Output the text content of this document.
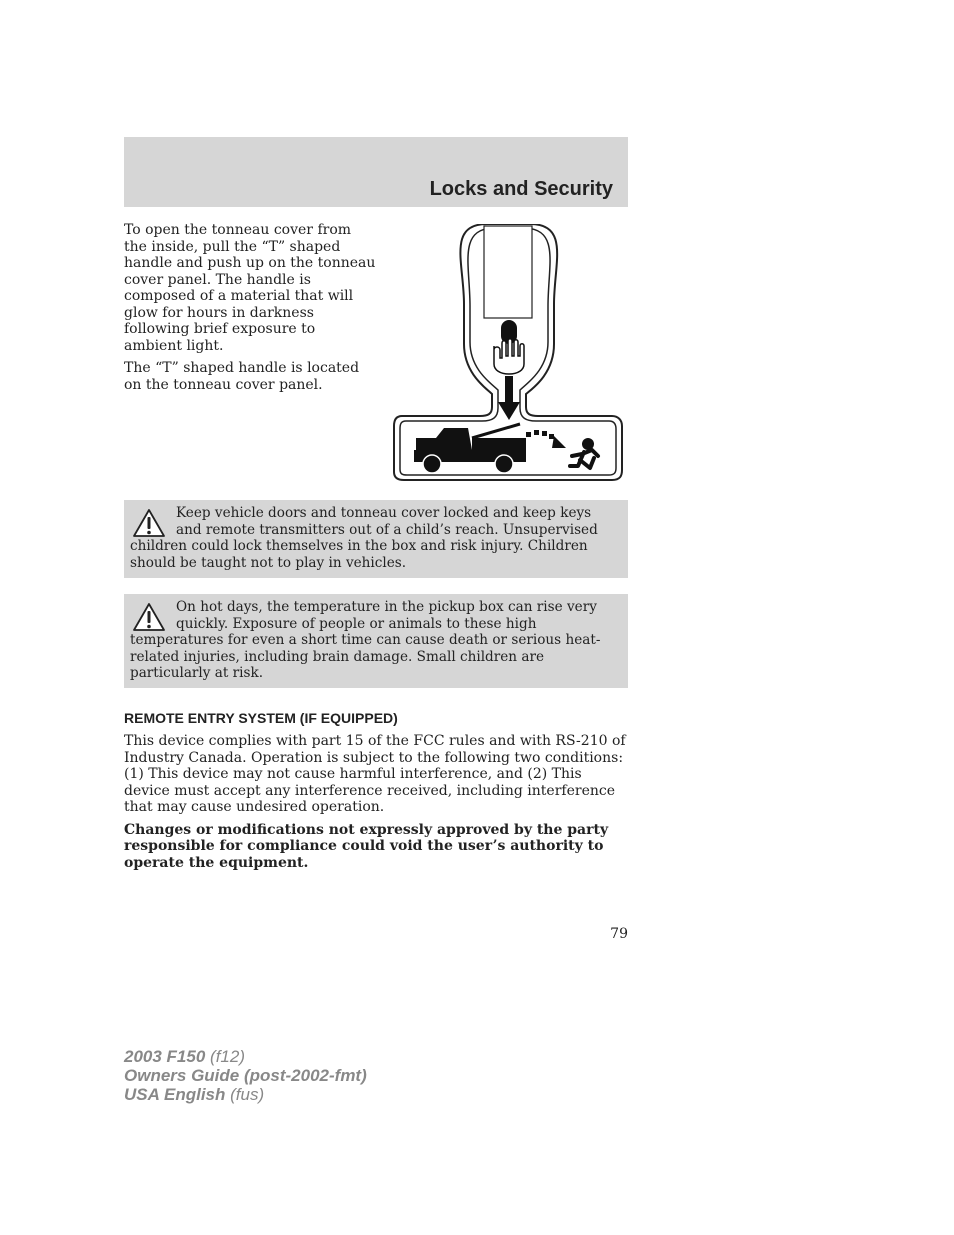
Locks and Security

To open the tonneau cover from the inside, pull the “T” shaped handle and push up on the tonneau cover panel. The handle is composed of a material that will glow for hours in darkness following brief exposure to ambient light.

The “T” shaped handle is located on the tonneau cover panel.

Keep vehicle doors and tonneau cover locked and keep keys and remote transmitters out of a child’s reach. Unsupervised children could lock themselves in the box and risk injury. Children should be taught not to play in vehicles.

On hot days, the temperature in the pickup box can rise very quickly. Exposure of people or animals to these high temperatures for even a short time can cause death or serious heat-related injuries, including brain damage. Small children are particularly at risk.

REMOTE ENTRY SYSTEM (IF EQUIPPED)

This device complies with part 15 of the FCC rules and with RS-210 of Industry Canada. Operation is subject to the following two conditions: (1) This device may not cause harmful interference, and (2) This device must accept any interference received, including interference that may cause undesired operation.

Changes or modifications not expressly approved by the party responsible for compliance could void the user’s authority to operate the equipment.

79
2003 F150 (f12)
Owners Guide (post-2002-fmt)
USA English (fus)
